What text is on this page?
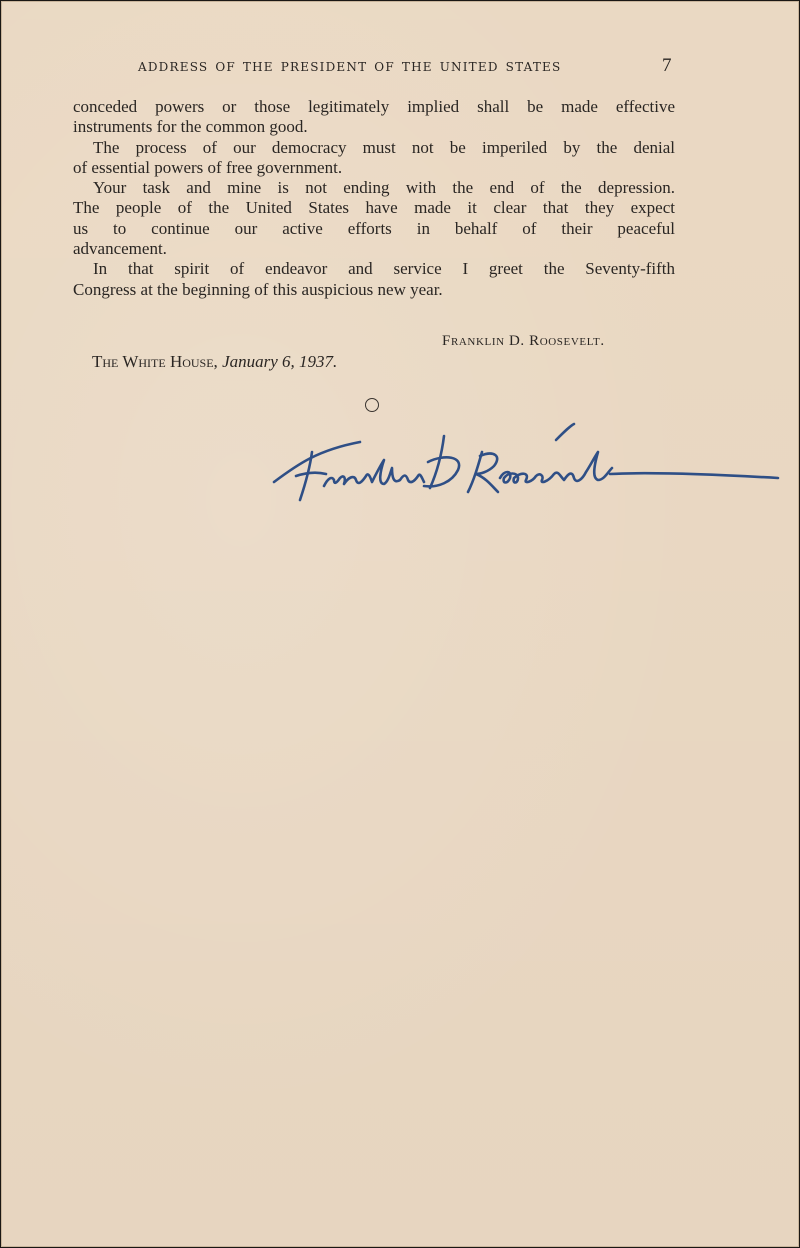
ADDRESS OF THE PRESIDENT OF THE UNITED STATES	7

conceded powers or those legitimately implied shall be made effective
instruments for the common good.

The process of our democracy must not be imperiled by the denial
of essential powers of free government.

Your task and mine is not ending with the end of the depression.
The people of the United States have made it clear that they expect
us to continue our active efforts in behalf of their peaceful
advancement.

In that spirit of endeavor and service I greet the Seventy-fifth
Congress at the beginning of this auspicious new year.

Franklin D. Roosevelt.
The White House, January 6, 1937.
